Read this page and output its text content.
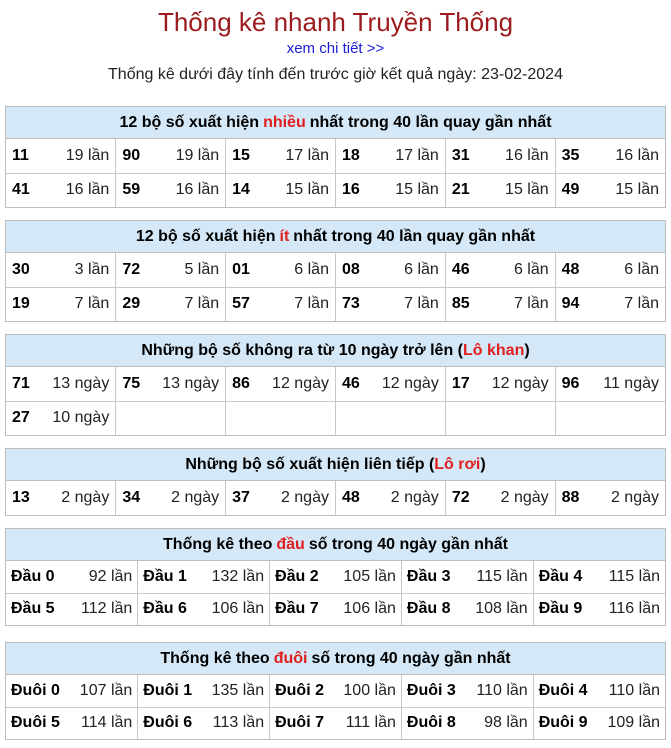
Thống kê nhanh Truyền Thống
xem chi tiết >>
Thống kê dưới đây tính đến trước giờ kết quả ngày: 23-02-2024
12 bộ số xuất hiện nhiều nhất trong 40 lần quay gần nhất
11 19 lần	90 19 lần	15 17 lần	18 17 lần	31 16 lần	35 16 lần

41 16 lần	59 16 lần	14 15 lần	16 15 lần	21 15 lần	49 15 lần
12 bộ số xuất hiện ít nhất trong 40 lần quay gần nhất
30 3 lần	72 5 lần	01 6 lần	08 6 lần	46 6 lần	48 6 lần

19 7 lần	29 7 lần	57 7 lần	73 7 lần	85 7 lần	94 7 lần
Những bộ số không ra từ 10 ngày trở lên ( Lô khan )
71 13 ngày	75 13 ngày	86 12 ngày	46 12 ngày	17 12 ngày	96 11 ngày

27 10 ngày					

Những bộ số xuất hiện liên tiếp ( Lô rơi )
13 2 ngày	34 2 ngày	37 2 ngày	48 2 ngày	72 2 ngày	88 2 ngày
Thống kê theo đầu số trong 40 ngày gần nhất
Đầu 0 92 lần	Đầu 1 132 lần	Đầu 2 105 lần	Đầu 3 115 lần	Đầu 4 115 lần

Đầu 5 112 lần	Đầu 6 106 lần	Đầu 7 106 lần	Đầu 8 108 lần	Đầu 9 116 lần
Thống kê theo đuôi số trong 40 ngày gần nhất
Đuôi 0 107 lần	Đuôi 1 135 lần	Đuôi 2 100 lần	Đuôi 3 110 lần	Đuôi 4 110 lần

Đuôi 5 114 lần	Đuôi 6 113 lần	Đuôi 7 111 lần	Đuôi 8 98 lần	Đuôi 9 109 lần
